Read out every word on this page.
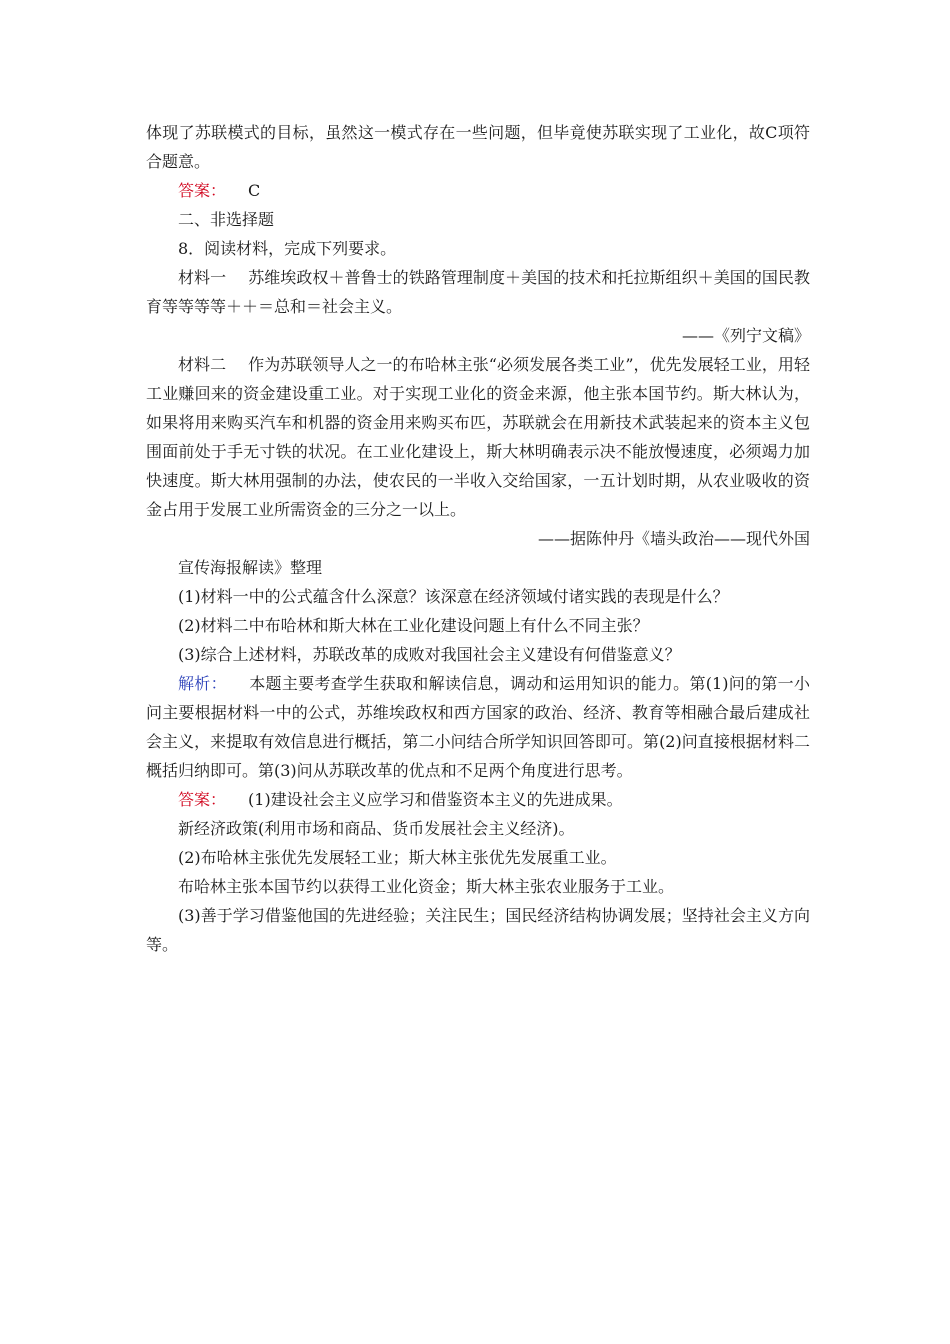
体现了苏联模式的目标，虽然这一模式存在一些问题，但毕竟使苏联实现了工业化，故C项符合题意。

答案： C

二、非选择题

8．阅读材料，完成下列要求。

材料一 苏维埃政权＋普鲁士的铁路管理制度＋美国的技术和托拉斯组织＋美国的国民教育等等等等＋＋＝总和＝社会主义。

——《列宁文稿》

材料二 作为苏联领导人之一的布哈林主张“必须发展各类工业”，优先发展轻工业，用轻工业赚回来的资金建设重工业。对于实现工业化的资金来源，他主张本国节约。斯大林认为，如果将用来购买汽车和机器的资金用来购买布匹，苏联就会在用新技术武装起来的资本主义包围面前处于手无寸铁的状况。在工业化建设上，斯大林明确表示决不能放慢速度，必须竭力加快速度。斯大林用强制的办法，使农民的一半收入交给国家，一五计划时期，从农业吸收的资金占用于发展工业所需资金的三分之一以上。

——据陈仲丹《墙头政治——现代外国

宣传海报解读》整理

(1)材料一中的公式蕴含什么深意？该深意在经济领域付诸实践的表现是什么？

(2)材料二中布哈林和斯大林在工业化建设问题上有什么不同主张？

(3)综合上述材料，苏联改革的成败对我国社会主义建设有何借鉴意义？

解析： 本题主要考查学生获取和解读信息，调动和运用知识的能力。第(1)问的第一小问主要根据材料一中的公式，苏维埃政权和西方国家的政治、经济、教育等相融合最后建成社会主义，来提取有效信息进行概括，第二小问结合所学知识回答即可。第(2)问直接根据材料二概括归纳即可。第(3)问从苏联改革的优点和不足两个角度进行思考。

答案： (1)建设社会主义应学习和借鉴资本主义的先进成果。

新经济政策(利用市场和商品、货币发展社会主义经济)。

(2)布哈林主张优先发展轻工业；斯大林主张优先发展重工业。

布哈林主张本国节约以获得工业化资金；斯大林主张农业服务于工业。

(3)善于学习借鉴他国的先进经验；关注民生；国民经济结构协调发展；坚持社会主义方向等。
